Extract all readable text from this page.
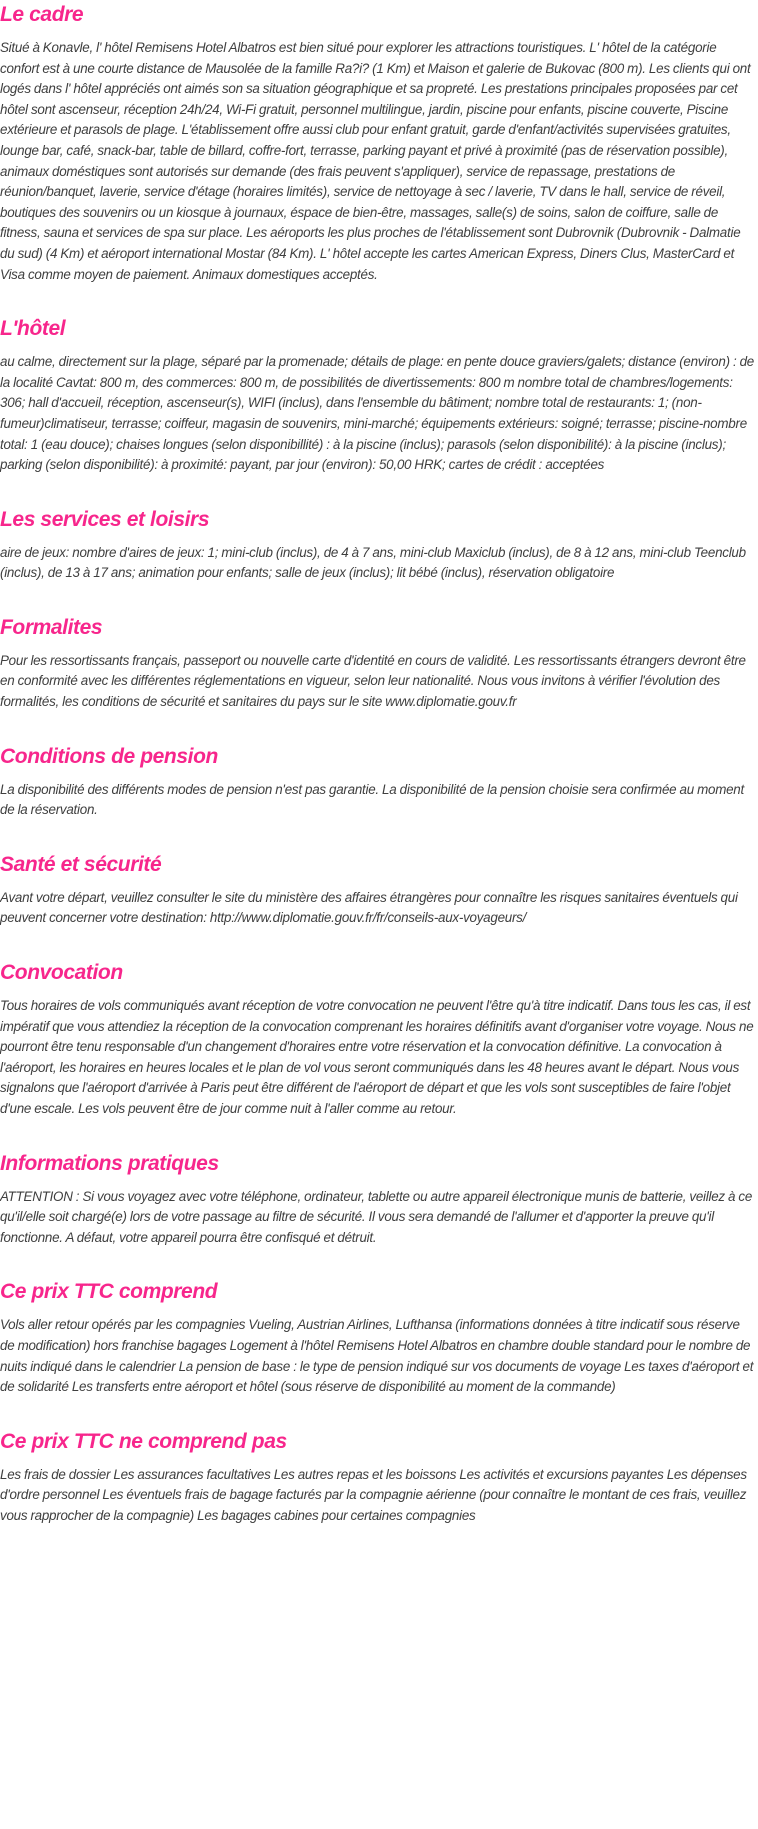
Le cadre

Situé à Konavle, l' hôtel Remisens Hotel Albatros est bien situé pour explorer les attractions touristiques. L' hôtel de la catégorie confort est à une courte distance de Mausolée de la famille Ra?i? (1 Km) et Maison et galerie de Bukovac (800 m). Les clients qui ont logés dans l' hôtel appréciés ont aimés son sa situation géographique et sa propreté. Les prestations principales proposées par cet hôtel sont ascenseur, réception 24h/24, Wi-Fi gratuit, personnel multilingue, jardin, piscine pour enfants, piscine couverte, Piscine extérieure et parasols de plage. L'établissement offre aussi club pour enfant gratuit, garde d'enfant/activités supervisées gratuites, lounge bar, café, snack-bar, table de billard, coffre-fort, terrasse, parking payant et privé à proximité (pas de réservation possible), animaux doméstiques sont autorisés sur demande (des frais peuvent s'appliquer), service de repassage, prestations de réunion/banquet, laverie, service d'étage (horaires limités), service de nettoyage à sec / laverie, TV dans le hall, service de réveil, boutiques des souvenirs ou un kiosque à journaux, éspace de bien-être, massages, salle(s) de soins, salon de coiffure, salle de fitness, sauna et services de spa sur place. Les aéroports les plus proches de l'établissement sont Dubrovnik (Dubrovnik - Dalmatie du sud) (4 Km) et aéroport international Mostar (84 Km). L' hôtel accepte les cartes American Express, Diners Clus, MasterCard et Visa comme moyen de paiement. Animaux domestiques acceptés.

L'hôtel

au calme, directement sur la plage, séparé par la promenade; détails de plage: en pente douce graviers/galets; distance (environ) : de la localité Cavtat: 800 m, des commerces: 800 m, de possibilités de divertissements: 800 m nombre total de chambres/logements: 306; hall d'accueil, réception, ascenseur(s), WIFI (inclus), dans l'ensemble du bâtiment; nombre total de restaurants: 1; (non-fumeur)climatiseur, terrasse; coiffeur, magasin de souvenirs, mini-marché; équipements extérieurs: soigné; terrasse; piscine-nombre total: 1 (eau douce); chaises longues (selon disponibillité) : à la piscine (inclus); parasols (selon disponibilité): à la piscine (inclus); parking (selon disponibilité): à proximité: payant, par jour (environ): 50,00 HRK; cartes de crédit : acceptées

Les services et loisirs

aire de jeux: nombre d'aires de jeux: 1; mini-club (inclus), de 4 à 7 ans, mini-club Maxiclub (inclus), de 8 à 12 ans, mini-club Teenclub (inclus), de 13 à 17 ans; animation pour enfants; salle de jeux (inclus); lit bébé (inclus), réservation obligatoire

Formalites

Pour les ressortissants français, passeport ou nouvelle carte d'identité en cours de validité. Les ressortissants étrangers devront être en conformité avec les différentes réglementations en vigueur, selon leur nationalité. Nous vous invitons à vérifier l'évolution des formalités, les conditions de sécurité et sanitaires du pays sur le site www.diplomatie.gouv.fr

Conditions de pension

La disponibilité des différents modes de pension n'est pas garantie. La disponibilité de la pension choisie sera confirmée au moment de la réservation.

Santé et sécurité

Avant votre départ, veuillez consulter le site du ministère des affaires étrangères pour connaître les risques sanitaires éventuels qui peuvent concerner votre destination: http://www.diplomatie.gouv.fr/fr/conseils-aux-voyageurs/

Convocation

Tous horaires de vols communiqués avant réception de votre convocation ne peuvent l'être qu'à titre indicatif. Dans tous les cas, il est impératif que vous attendiez la réception de la convocation comprenant les horaires définitifs avant d'organiser votre voyage. Nous ne pourront être tenu responsable d'un changement d'horaires entre votre réservation et la convocation définitive. La convocation à l'aéroport, les horaires en heures locales et le plan de vol vous seront communiqués dans les 48 heures avant le départ. Nous vous signalons que l'aéroport d'arrivée à Paris peut être différent de l'aéroport de départ et que les vols sont susceptibles de faire l'objet d'une escale. Les vols peuvent être de jour comme nuit à l'aller comme au retour.

Informations pratiques

ATTENTION : Si vous voyagez avec votre téléphone, ordinateur, tablette ou autre appareil électronique munis de batterie, veillez à ce qu'il/elle soit chargé(e) lors de votre passage au filtre de sécurité. Il vous sera demandé de l'allumer et d'apporter la preuve qu'il fonctionne. A défaut, votre appareil pourra être confisqué et détruit.

Ce prix TTC comprend

Vols aller retour opérés par les compagnies Vueling, Austrian Airlines, Lufthansa (informations données à titre indicatif sous réserve de modification) hors franchise bagages Logement à l'hôtel Remisens Hotel Albatros en chambre double standard pour le nombre de nuits indiqué dans le calendrier La pension de base : le type de pension indiqué sur vos documents de voyage Les taxes d'aéroport et de solidarité Les transferts entre aéroport et hôtel (sous réserve de disponibilité au moment de la commande)

Ce prix TTC ne comprend pas

Les frais de dossier Les assurances facultatives Les autres repas et les boissons Les activités et excursions payantes Les dépenses d'ordre personnel Les éventuels frais de bagage facturés par la compagnie aérienne (pour connaître le montant de ces frais, veuillez vous rapprocher de la compagnie) Les bagages cabines pour certaines compagnies
